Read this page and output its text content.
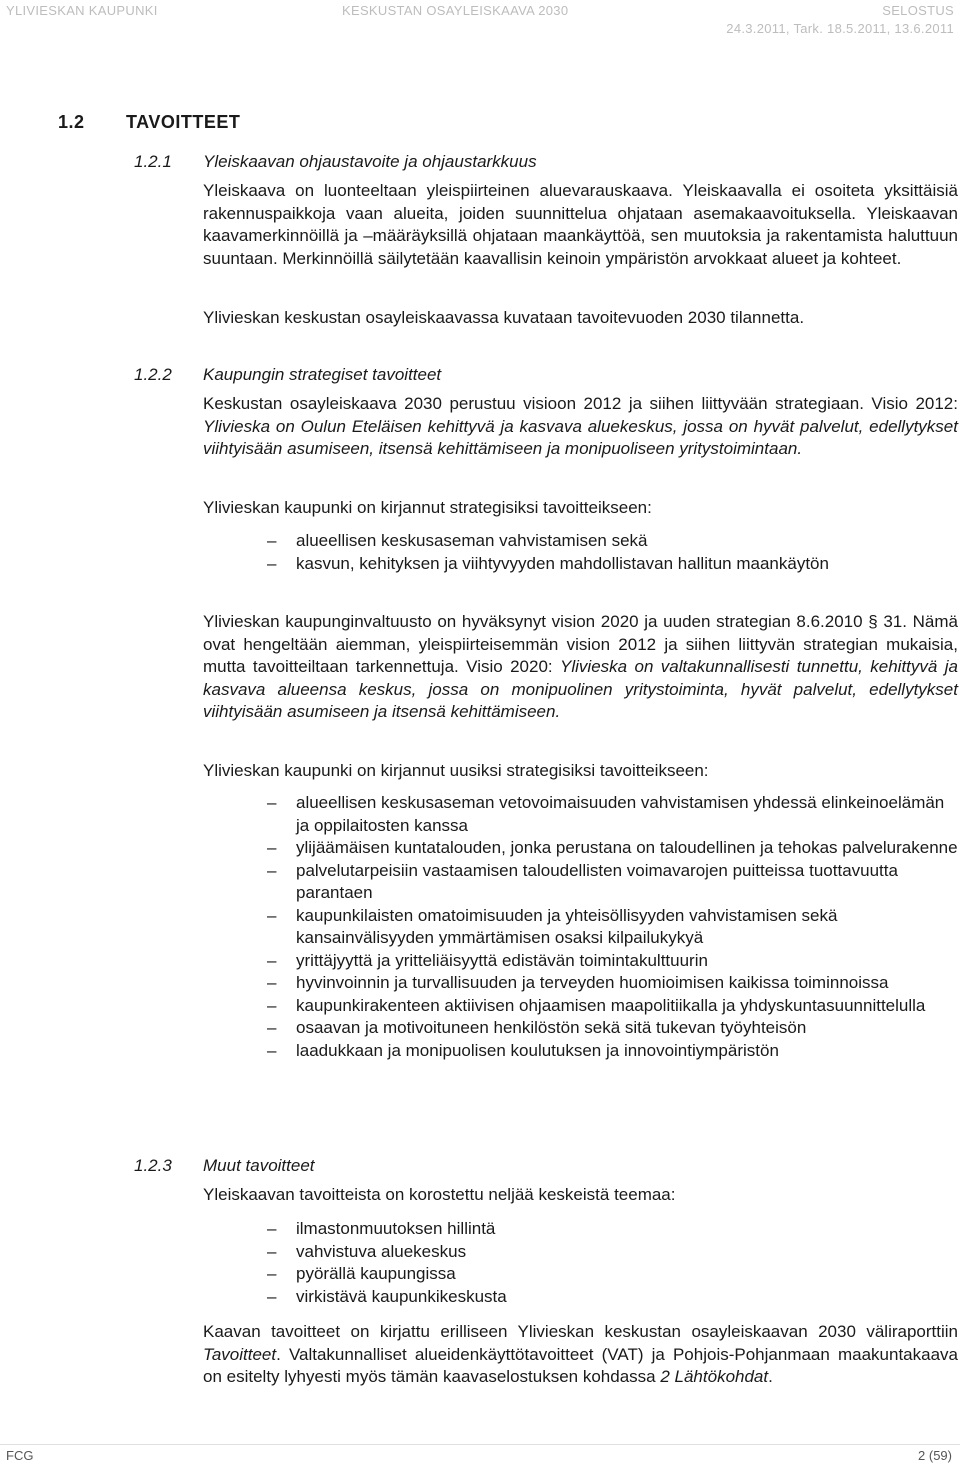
YLIVIESKAN KAUPUNKI	KESKUSTAN OSAYLEISKAAVA 2030	SELOSTUS
24.3.2011, Tark. 18.5.2011, 13.6.2011
1.2 TAVOITTEET
1.2.1 Yleiskaavan ohjaustavoite ja ohjaustarkkuus
Yleiskaava on luonteeltaan yleispiirteinen aluevarauskaava. Yleiskaavalla ei osoiteta yksittäisiä rakennuspaikkoja vaan alueita, joiden suunnittelua ohjataan asemakaavoituksella. Yleiskaavan kaavamerkinnöillä ja –määräyksillä ohjataan maankäyttöä, sen muutoksia ja rakentamista haluttuun suuntaan. Merkinnöillä säilytetään kaavallisin keinoin ympäristön arvokkaat alueet ja kohteet.
Ylivieskan keskustan osayleiskaavassa kuvataan tavoitevuoden 2030 tilannetta.
1.2.2 Kaupungin strategiset tavoitteet
Keskustan osayleiskaava 2030 perustuu visioon 2012 ja siihen liittyvään strategiaan. Visio 2012: Ylivieska on Oulun Eteläisen kehittyvä ja kasvava aluekeskus, jossa on hyvät palvelut, edellytykset viihtyisään asumiseen, itsensä kehittämiseen ja monipuoliseen yritystoimintaan.
Ylivieskan kaupunki on kirjannut strategisiksi tavoitteikseen:
– alueellisen keskusaseman vahvistamisen sekä
– kasvun, kehityksen ja viihtyvyyden mahdollistavan hallitun maankäytön
Ylivieskan kaupunginvaltuusto on hyväksynyt vision 2020 ja uuden strategian 8.6.2010 § 31. Nämä ovat hengeltään aiemman, yleispiirteisemmän vision 2012 ja siihen liittyvän strategian mukaisia, mutta tavoitteiltaan tarkennettuja. Visio 2020: Ylivieska on valtakunnallisesti tunnettu, kehittyvä ja kasvava alueensa keskus, jossa on monipuolinen yritystoiminta, hyvät palvelut, edellytykset viihtyisään asumiseen ja itsensä kehittämiseen.
Ylivieskan kaupunki on kirjannut uusiksi strategisiksi tavoitteikseen:
– alueellisen keskusaseman vetovoimaisuuden vahvistamisen yhdessä elinkeinoelämän ja oppilaitosten kanssa
– ylijäämäisen kuntatalouden, jonka perustana on taloudellinen ja tehokas palvelurakenne
– palvelutarpeisiin vastaamisen taloudellisten voimavarojen puitteissa tuottavuutta parantaen
– kaupunkilaisten omatoimisuuden ja yhteisöllisyyden vahvistamisen sekä kansainvälisyyden ymmärtämisen osaksi kilpailukykyä
– yrittäjyyttä ja yritteliäisyyttä edistävän toimintakulttuurin
– hyvinvoinnin ja turvallisuuden ja terveyden huomioimisen kaikissa toiminnoissa
– kaupunkirakenteen aktiivisen ohjaamisen maapolitiikalla ja yhdyskuntasuunnittelulla
– osaavan ja motivoituneen henkilöstön sekä sitä tukevan työyhteisön
– laadukkaan ja monipuolisen koulutuksen ja innovointiympäristön
1.2.3 Muut tavoitteet
Yleiskaavan tavoitteista on korostettu neljää keskeistä teemaa:
– ilmastonmuutoksen hillintä
– vahvistuva aluekeskus
– pyörällä kaupungissa
– virkistävä kaupunkikeskusta
Kaavan tavoitteet on kirjattu erilliseen Ylivieskan keskustan osayleiskaavan 2030 väliraporttiin Tavoitteet. Valtakunnalliset alueidenkäyttötavoitteet (VAT) ja Pohjois-Pohjanmaan maakuntakaava on esitelty lyhyesti myös tämän kaavaselostuksen kohdassa 2 Lähtökohdat.
FCG	2 (59)
